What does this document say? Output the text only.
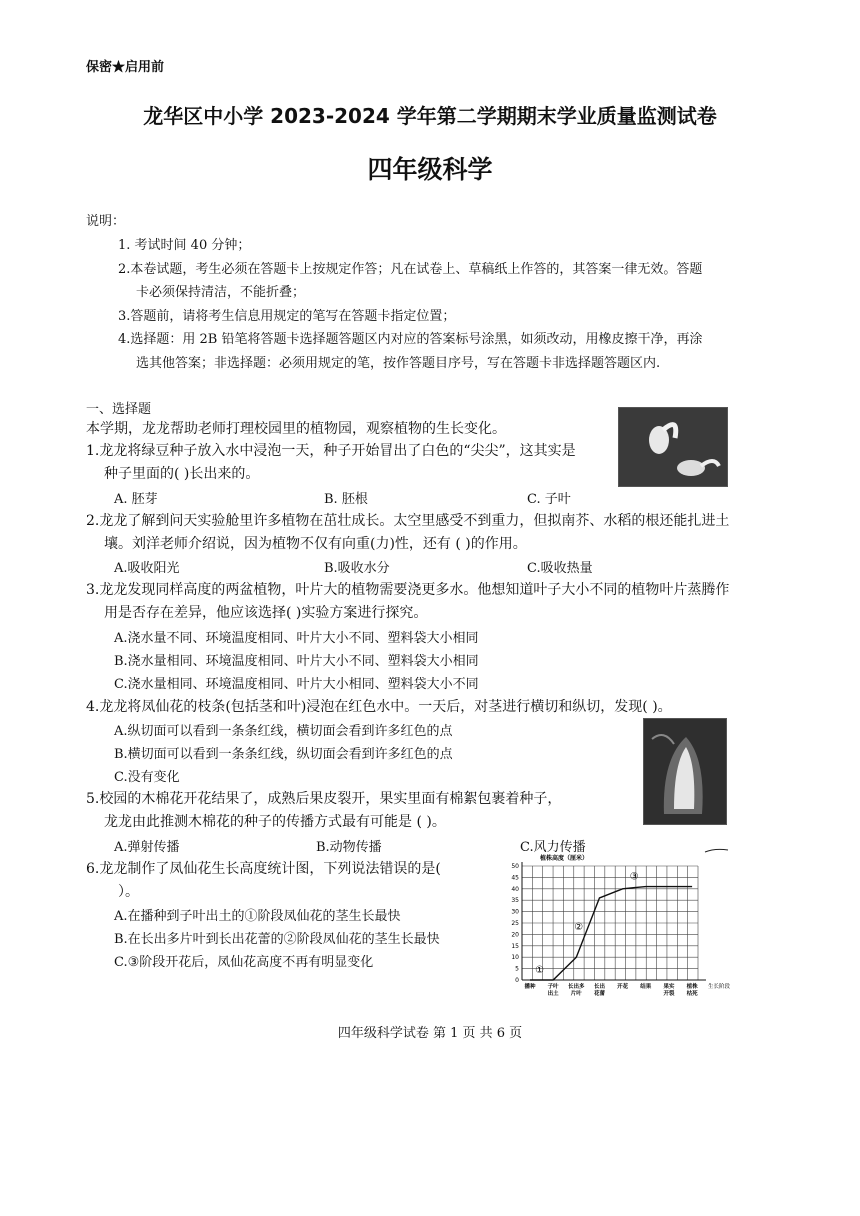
保密★启用前
龙华区中小学 2023-2024 学年第二学期期末学业质量监测试卷
四年级科学
说明：
1. 考试时间 40 分钟；
2.本卷试题，考生必须在答题卡上按规定作答；凡在试卷上、草稿纸上作答的，其答案一律无效。答题
卡必须保持清洁，不能折叠；
3.答题前，请将考生信息用规定的笔写在答题卡指定位置；
4.选择题：用 2B 铅笔将答题卡选择题答题区内对应的答案标号涂黑，如须改动，用橡皮擦干净，再涂
选其他答案；非选择题：必须用规定的笔，按作答题目序号，写在答题卡非选择题答题区内.
一、选择题
本学期，龙龙帮助老师打理校园里的植物园，观察植物的生长变化。
1.龙龙将绿豆种子放入水中浸泡一天，种子开始冒出了白色的“尖尖”，这其实是
种子里面的( )长出来的。
A. 胚芽	B. 胚根	C. 子叶
2.龙龙了解到问天实验舱里许多植物在茁壮成长。太空里感受不到重力，但拟南芥、水稻的根还能扎进土
壤。刘洋老师介绍说，因为植物不仅有向重(力)性，还有 ( )的作用。
A.吸收阳光	B.吸收水分	C.吸收热量
3.龙龙发现同样高度的两盆植物，叶片大的植物需要浇更多水。他想知道叶子大小不同的植物叶片蒸腾作
用是否存在差异，他应该选择( )实验方案进行探究。
A.浇水量不同、环境温度相同、叶片大小不同、塑料袋大小相同
B.浇水量相同、环境温度相同、叶片大小不同、塑料袋大小相同
C.浇水量相同、环境温度相同、叶片大小相同、塑料袋大小不同
4.龙龙将凤仙花的枝条(包括茎和叶)浸泡在红色水中。一天后，对茎进行横切和纵切，发现( )。
A.纵切面可以看到一条条红线，横切面会看到许多红色的点
B.横切面可以看到一条条红线，纵切面会看到许多红色的点
C.没有变化
5.校园的木棉花开花结果了，成熟后果皮裂开，果实里面有棉絮包裹着种子，
龙龙由此推测木棉花的种子的传播方式最有可能是 ( )。
A.弹射传播	B.动物传播	C.风力传播
6.龙龙制作了凤仙花生长高度统计图，下列说法错误的是(
）。
A.在播种到子叶出土的①阶段凤仙花的茎生长最快
B.在长出多片叶到长出花蕾的②阶段凤仙花的茎生长最快
C.③阶段开花后，凤仙花高度不再有明显变化
植株高度（厘米）
生长阶段
0
5
10
15
20
25
30
35
40
45
50
播种 子叶出土
长出多片叶
长出花蕾
开花 结果 果实开裂
植株枯死
①
②
③
四年级科学试卷 第 1 页 共 6 页
